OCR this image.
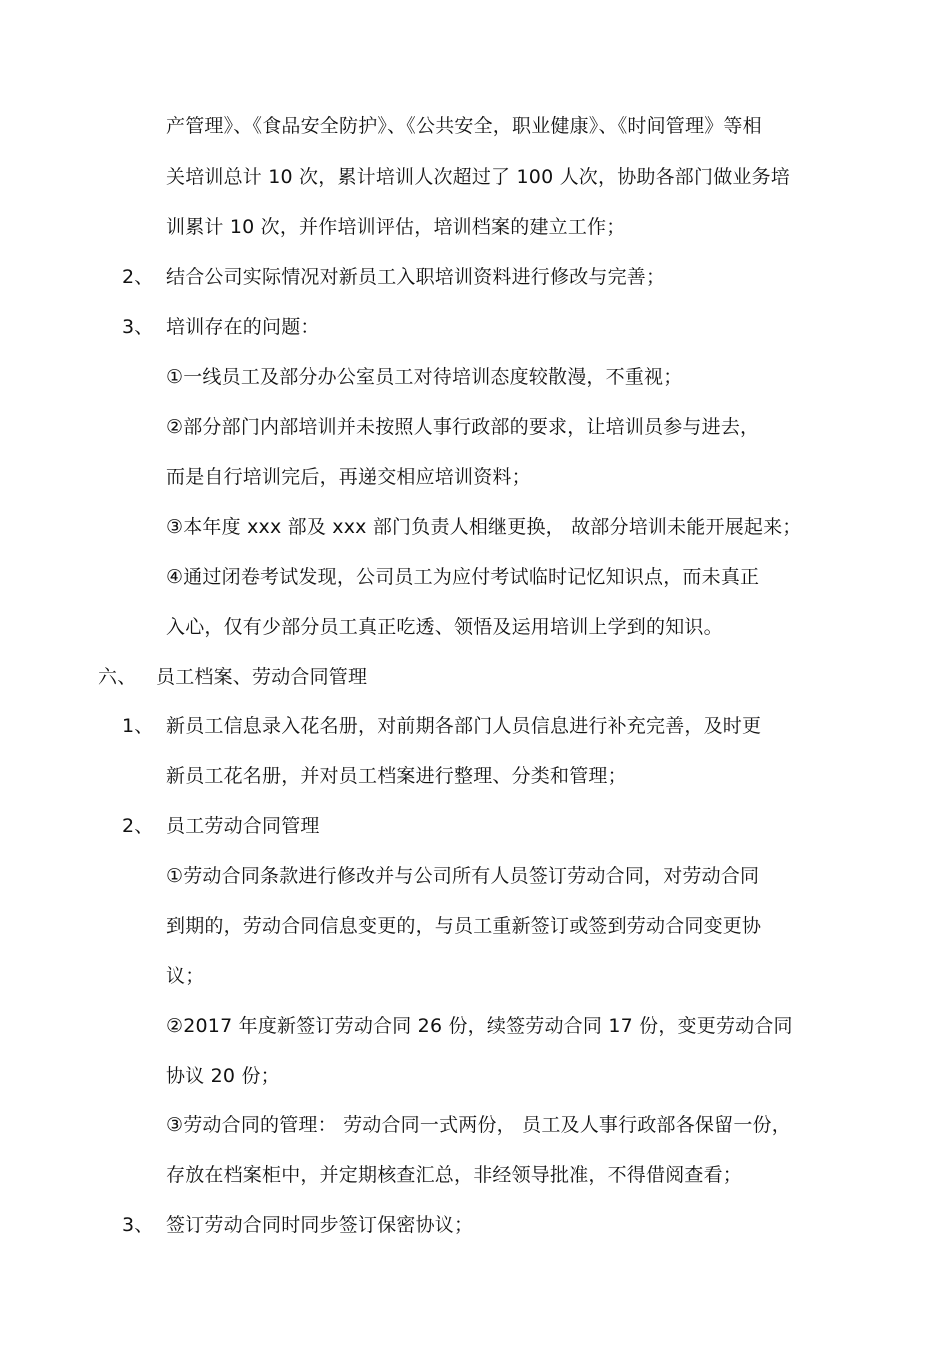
产管理》、《食品安全防护》、《公共安全，职业健康》、《时间管理》等相
关培训总计 10 次，累计培训人次超过了 100 人次，协助各部门做业务培
训累计 10 次，并作培训评估，培训档案的建立工作；
2、 结合公司实际情况对新员工入职培训资料进行修改与完善；
3、 培训存在的问题：
①一线员工及部分办公室员工对待培训态度较散漫，不重视；
②部分部门内部培训并未按照人事行政部的要求，让培训员参与进去，
而是自行培训完后，再递交相应培训资料；
③本年度 xxx 部及 xxx 部门负责人相继更换， 故部分培训未能开展起来；
④通过闭卷考试发现，公司员工为应付考试临时记忆知识点，而未真正
入心，仅有少部分员工真正吃透、领悟及运用培训上学到的知识。
六、 员工档案、劳动合同管理
1、 新员工信息录入花名册，对前期各部门人员信息进行补充完善，及时更
新员工花名册，并对员工档案进行整理、分类和管理；
2、 员工劳动合同管理
①劳动合同条款进行修改并与公司所有人员签订劳动合同，对劳动合同
到期的，劳动合同信息变更的，与员工重新签订或签到劳动合同变更协
议；
②2017 年度新签订劳动合同 26 份，续签劳动合同 17 份，变更劳动合同
协议 20 份；
③劳动合同的管理： 劳动合同一式两份， 员工及人事行政部各保留一份，
存放在档案柜中，并定期核查汇总，非经领导批准，不得借阅查看；
3、 签订劳动合同时同步签订保密协议；
